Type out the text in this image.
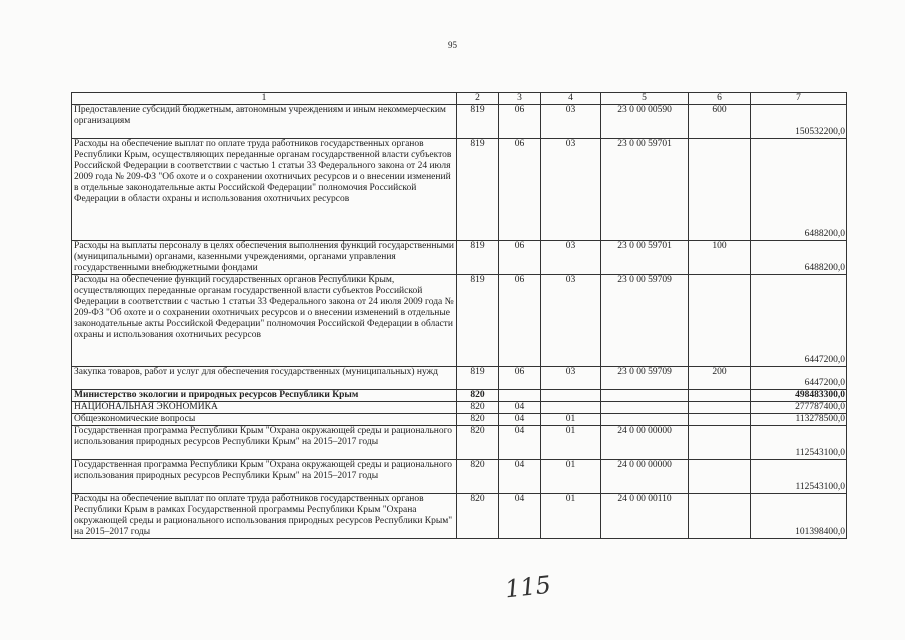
95
1	2	3	4	5	6	7
Предоставление субсидий бюджетным, автономным учреждениям и иным некоммерческим организациям	819	06	03	23 0 00 00590	600	150532200,0
Расходы на обеспечение выплат по оплате труда работников государственных органов Республики Крым, осуществляющих переданные органам государственной власти субъектов Российской Федерации в соответствии с частью 1 статьи 33 Федерального закона от 24 июля 2009 года № 209-ФЗ "Об охоте и о сохранении охотничьих ресурсов и о внесении изменений в отдельные законодательные акты Российской Федерации" полномочия Российской Федерации в области охраны и использования охотничьих ресурсов	819	06	03	23 0 00 59701		6488200,0
Расходы на выплаты персоналу в целях обеспечения выполнения функций государственными (муниципальными) органами, казенными учреждениями, органами управления государственными внебюджетными фондами	819	06	03	23 0 00 59701	100	6488200,0
Расходы на обеспечение функций государственных органов Республики Крым, осуществляющих переданные органам государственной власти субъектов Российской Федерации в соответствии с частью 1 статьи 33 Федерального закона от 24 июля 2009 года № 209-ФЗ "Об охоте и о сохранении охотничьих ресурсов и о внесении изменений в отдельные законодательные акты Российской Федерации" полномочия Российской Федерации в области охраны и использования охотничьих ресурсов	819	06	03	23 0 00 59709		6447200,0
Закупка товаров, работ и услуг для обеспечения государственных (муниципальных) нужд	819	06	03	23 0 00 59709	200	6447200,0
Министерство экологии и природных ресурсов Республики Крым	820					498483300,0
НАЦИОНАЛЬНАЯ ЭКОНОМИКА	820	04				277787400,0
Общеэкономические вопросы	820	04	01			113278500,0
Государственная программа Республики Крым "Охрана окружающей среды и рационального использования природных ресурсов Республики Крым" на 2015–2017 годы	820	04	01	24 0 00 00000		112543100,0
Государственная программа Республики Крым "Охрана окружающей среды и рационального использования природных ресурсов Республики Крым" на 2015–2017 годы	820	04	01	24 0 00 00000		112543100,0
Расходы на обеспечение выплат по оплате труда работников государственных органов Республики Крым в рамках Государственной программы Республики Крым "Охрана окружающей среды и рационального использования природных ресурсов Республики Крым" на 2015–2017 годы	820	04	01	24 0 00 00110		101398400,0
115
